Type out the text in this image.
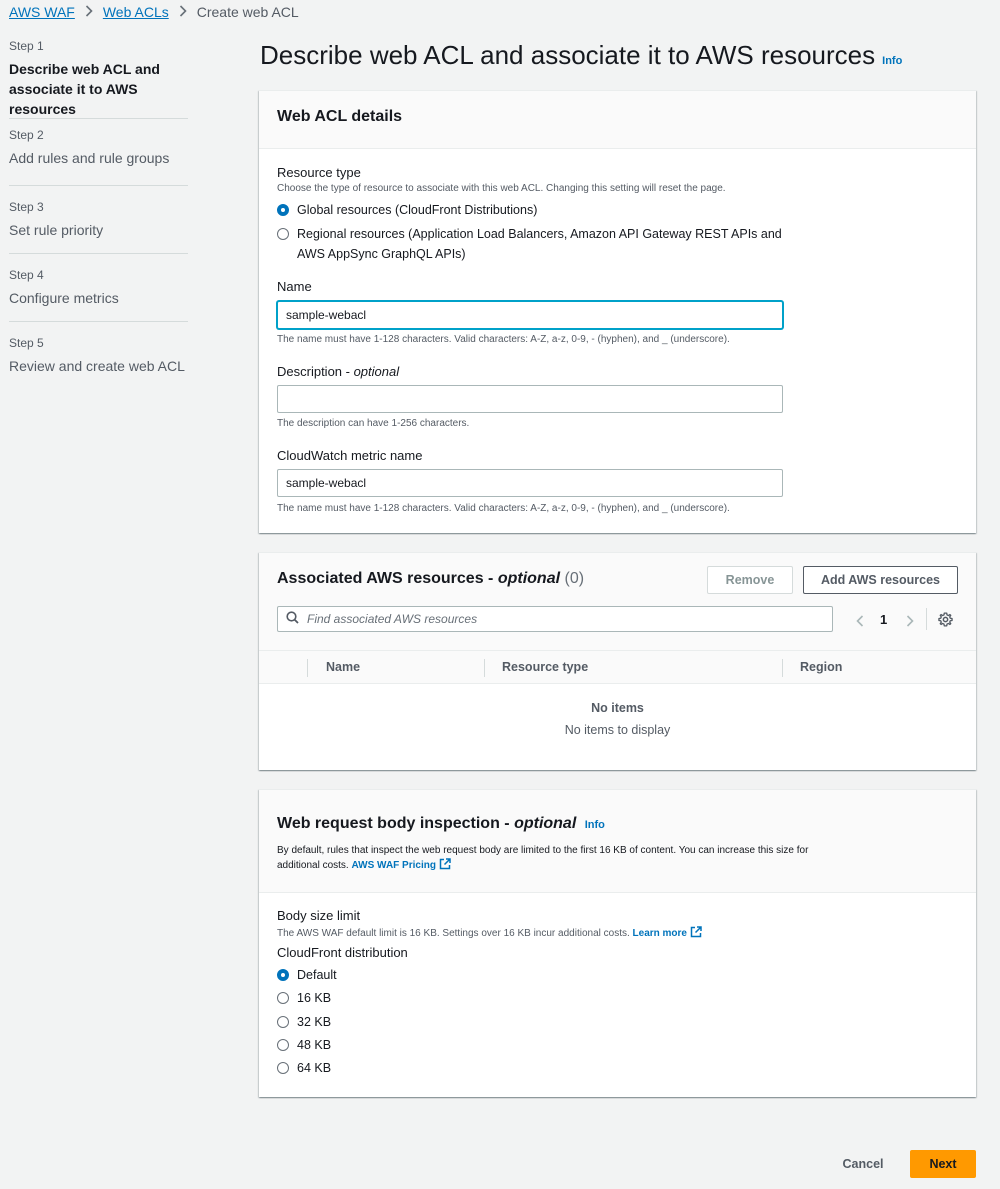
AWS WAF Web ACLs Create web ACL
Step 1
Describe web ACL and associate it to AWS resources
Step 2
Add rules and rule groups
Step 3
Set rule priority
Step 4
Configure metrics
Step 5
Review and create web ACL
Describe web ACL and associate it to AWS resources Info
Web ACL details
Resource type
Choose the type of resource to associate with this web ACL. Changing this setting will reset the page.
Global resources (CloudFront Distributions)
Regional resources (Application Load Balancers, Amazon API Gateway REST APIs and AWS AppSync GraphQL APIs)
Name
sample-webacl
The name must have 1-128 characters. Valid characters: A-Z, a-z, 0-9, - (hyphen), and _ (underscore).
Description - optional
The description can have 1-256 characters.
CloudWatch metric name
sample-webacl
The name must have 1-128 characters. Valid characters: A-Z, a-z, 0-9, - (hyphen), and _ (underscore).
Associated AWS resources - optional (0)	Remove	Add AWS resources
Find associated AWS resources	1
Name	Resource type	Region
No items
No items to display
Web request body inspection - optional Info
By default, rules that inspect the web request body are limited to the first 16 KB of content. You can increase this size for additional costs. AWS WAF Pricing
Body size limit
The AWS WAF default limit is 16 KB. Settings over 16 KB incur additional costs. Learn more
CloudFront distribution
Default
16 KB
32 KB
48 KB
64 KB
Cancel	Next
